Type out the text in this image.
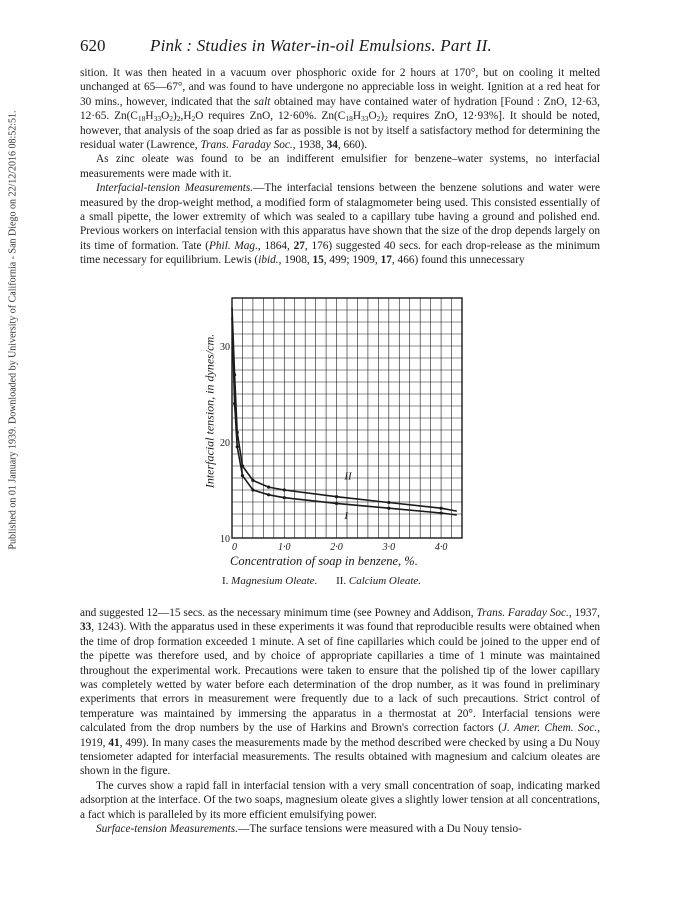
Published on 01 January 1939. Downloaded by University of California - San Diego on 22/12/2016 08:52:51.
620	Pink : Studies in Water-in-oil Emulsions. Part II.

sition. It was then heated in a vacuum over phosphoric oxide for 2 hours at 170°, but on cooling it melted unchanged at 65—67°, and was found to have undergone no appreciable loss in weight. Ignition at a red heat for 30 mins., however, indicated that the salt obtained may have contained water of hydration [Found : ZnO, 12·63, 12·65. $Zn(C_{18}H_{33}O_2)_2,H_2O$ requires ZnO, 12·60%. $Zn(C_{18}H_{33}O_2)_2$ requires ZnO, 12·93%]. It should be noted, however, that analysis of the soap dried as far as possible is not by itself a satisfactory method for determining the residual water (Lawrence, Trans. Faraday Soc., 1938, 34, 660).

As zinc oleate was found to be an indifferent emulsifier for benzene–water systems, no interfacial measurements were made with it.

Interfacial-tension Measurements.—The interfacial tensions between the benzene solutions and water were measured by the drop-weight method, a modified form of stalagmometer being used. This consisted essentially of a small pipette, the lower extremity of which was sealed to a capillary tube having a ground and polished end. Previous workers on interfacial tension with this apparatus have shown that the size of the drop depends largely on its time of formation. Tate (Phil. Mag., 1864, 27, 176) suggested 40 secs. for each drop-release as the minimum time necessary for equilibrium. Lewis (ibid., 1908, 15, 499; 1909, 17, 466) found this unnecessary

Interfacial tension, in dynes/cm.
0	1·0	2·0	3·0	4·0
10
20
30
II
I
Concentration of soap in benzene, %.
I. Magnesium Oleate. II. Calcium Oleate.

and suggested 12—15 secs. as the necessary minimum time (see Powney and Addison, Trans. Faraday Soc., 1937, 33, 1243). With the apparatus used in these experiments it was found that reproducible results were obtained when the time of drop formation exceeded 1 minute. A set of fine capillaries which could be joined to the upper end of the pipette was therefore used, and by choice of appropriate capillaries a time of 1 minute was maintained throughout the experimental work. Precautions were taken to ensure that the polished tip of the lower capillary was completely wetted by water before each determination of the drop number, as it was found in preliminary experiments that errors in measurement were frequently due to a lack of such precautions. Strict control of temperature was maintained by immersing the apparatus in a thermostat at 20°. Interfacial tensions were calculated from the drop numbers by the use of Harkins and Brown's correction factors (J. Amer. Chem. Soc., 1919, 41, 499). In many cases the measurements made by the method described were checked by using a Du Nouy tensiometer adapted for interfacial measurements. The results obtained with magnesium and calcium oleates are shown in the figure.

The curves show a rapid fall in interfacial tension with a very small concentration of soap, indicating marked adsorption at the interface. Of the two soaps, magnesium oleate gives a slightly lower tension at all concentrations, a fact which is paralleled by its more efficient emulsifying power.

Surface-tension Measurements.—The surface tensions were measured with a Du Nouy tensio-
